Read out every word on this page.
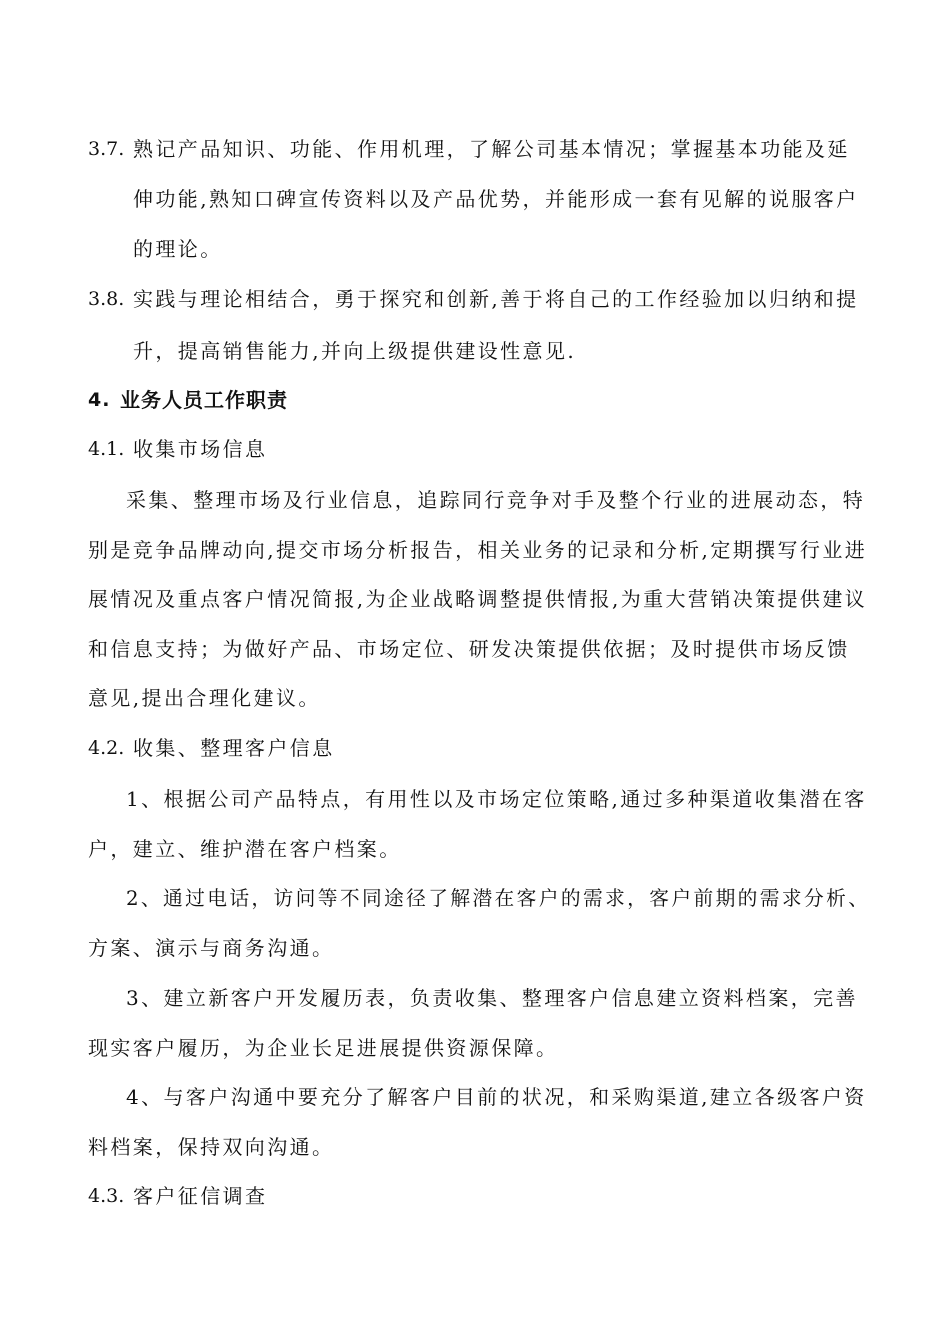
3.7. 熟记产品知识、功能、作用机理，了解公司基本情况；掌握基本功能及延
伸功能,熟知口碑宣传资料以及产品优势，并能形成一套有见解的说服客户
的理论。
3.8. 实践与理论相结合，勇于探究和创新,善于将自己的工作经验加以归纳和提
升，提高销售能力,并向上级提供建设性意见.
4. 业务人员工作职责
4.1. 收集市场信息
采集、整理市场及行业信息，追踪同行竞争对手及整个行业的进展动态，特
别是竞争品牌动向,提交市场分析报告，相关业务的记录和分析,定期撰写行业进
展情况及重点客户情况简报,为企业战略调整提供情报,为重大营销决策提供建议
和信息支持；为做好产品、市场定位、研发决策提供依据；及时提供市场反馈
意见,提出合理化建议。
4.2. 收集、整理客户信息
1、根据公司产品特点，有用性以及市场定位策略,通过多种渠道收集潜在客
户，建立、维护潜在客户档案。
2、通过电话，访问等不同途径了解潜在客户的需求，客户前期的需求分析、
方案、演示与商务沟通。
3、建立新客户开发履历表，负责收集、整理客户信息建立资料档案，完善
现实客户履历，为企业长足进展提供资源保障。
4、与客户沟通中要充分了解客户目前的状况，和采购渠道,建立各级客户资
料档案，保持双向沟通。
4.3. 客户征信调查
